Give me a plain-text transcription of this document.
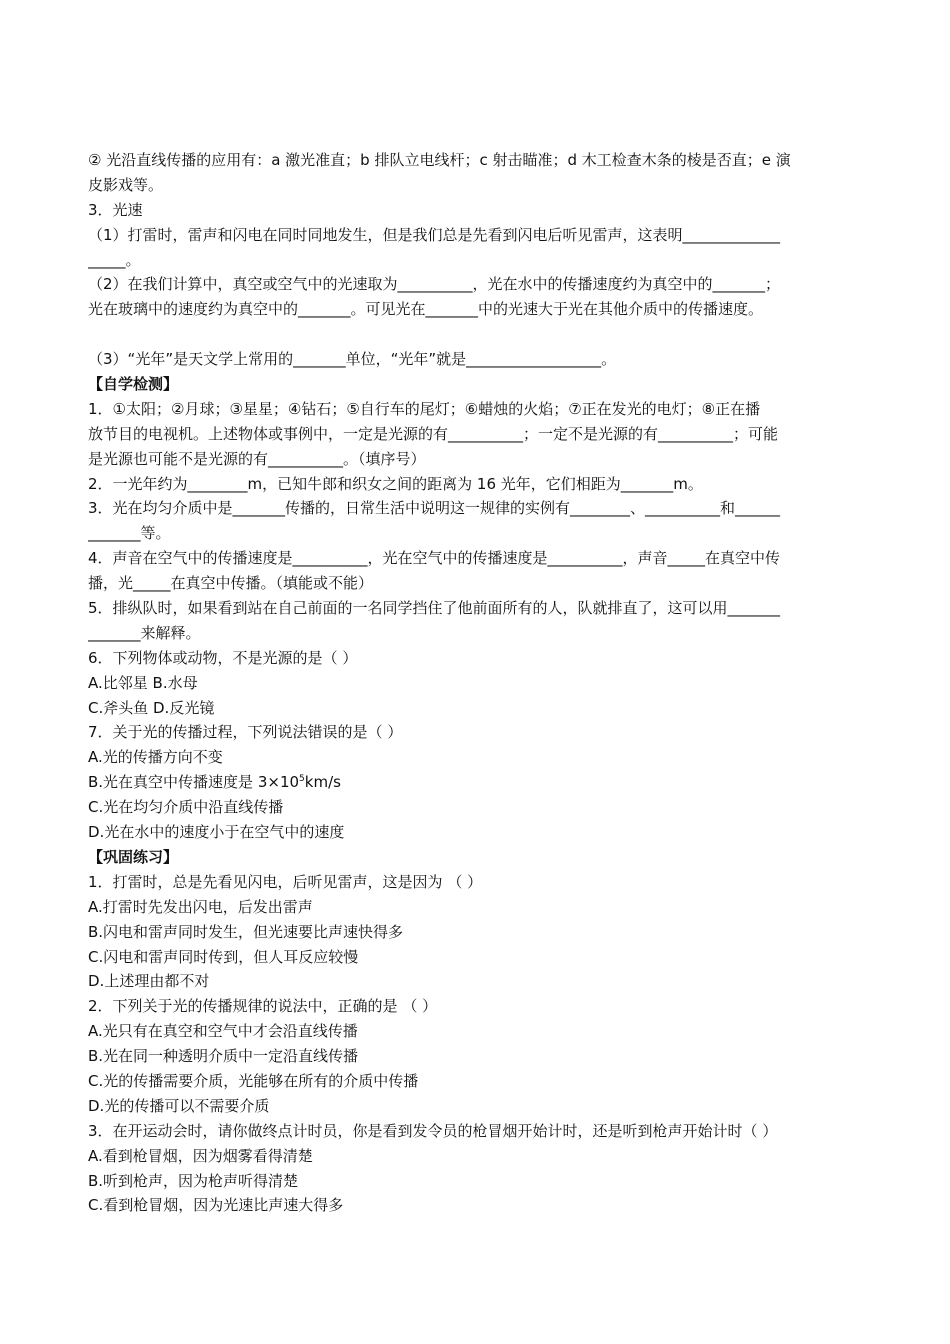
② 光沿直线传播的应用有：a 激光准直；b 排队立电线杆；c 射击瞄准；d 木工检查木条的棱是否直；e 演
皮影戏等。
3．光速
（1）打雷时，雷声和闪电在同时同地发生，但是我们总是先看到闪电后听见雷声，这表明_____________
_____。
（2）在我们计算中，真空或空气中的光速取为__________，光在水中的传播速度约为真空中的_______；
光在玻璃中的速度约为真空中的_______。可见光在_______中的光速大于光在其他介质中的传播速度。
（3）“光年”是天文学上常用的_______单位，“光年”就是__________________。
【自学检测】
1．①太阳；②月球；③星星；④钻石；⑤自行车的尾灯；⑥蜡烛的火焰；⑦正在发光的电灯；⑧正在播
放节目的电视机。上述物体或事例中，一定是光源的有__________；一定不是光源的有__________；可能
是光源也可能不是光源的有__________。（填序号）
2．一光年约为________m，已知牛郎和织女之间的距离为 16 光年，它们相距为_______m。
3．光在均匀介质中是_______传播的，日常生活中说明这一规律的实例有________、__________和______
_______等。
4．声音在空气中的传播速度是__________，光在空气中的传播速度是__________，声音_____在真空中传
播，光_____在真空中传播。（填能或不能）
5．排纵队时，如果看到站在自己前面的一名同学挡住了他前面所有的人，队就排直了，这可以用_______
_______来解释。
6．下列物体或动物，不是光源的是（ ）
A.比邻星 B.水母
C.斧头鱼 D.反光镜
7．关于光的传播过程，下列说法错误的是（ ）
A.光的传播方向不变
B.光在真空中传播速度是 $3\times 10^5km/s$
C.光在均匀介质中沿直线传播
D.光在水中的速度小于在空气中的速度
【巩固练习】
1．打雷时，总是先看见闪电，后听见雷声，这是因为 （ ）
A.打雷时先发出闪电，后发出雷声
B.闪电和雷声同时发生，但光速要比声速快得多
C.闪电和雷声同时传到，但人耳反应较慢
D.上述理由都不对
2．下列关于光的传播规律的说法中，正确的是 （ ）
A.光只有在真空和空气中才会沿直线传播
B.光在同一种透明介质中一定沿直线传播
C.光的传播需要介质，光能够在所有的介质中传播
D.光的传播可以不需要介质
3．在开运动会时，请你做终点计时员，你是看到发令员的枪冒烟开始计时，还是听到枪声开始计时（ ）
A.看到枪冒烟，因为烟雾看得清楚
B.听到枪声，因为枪声听得清楚
C.看到枪冒烟，因为光速比声速大得多
